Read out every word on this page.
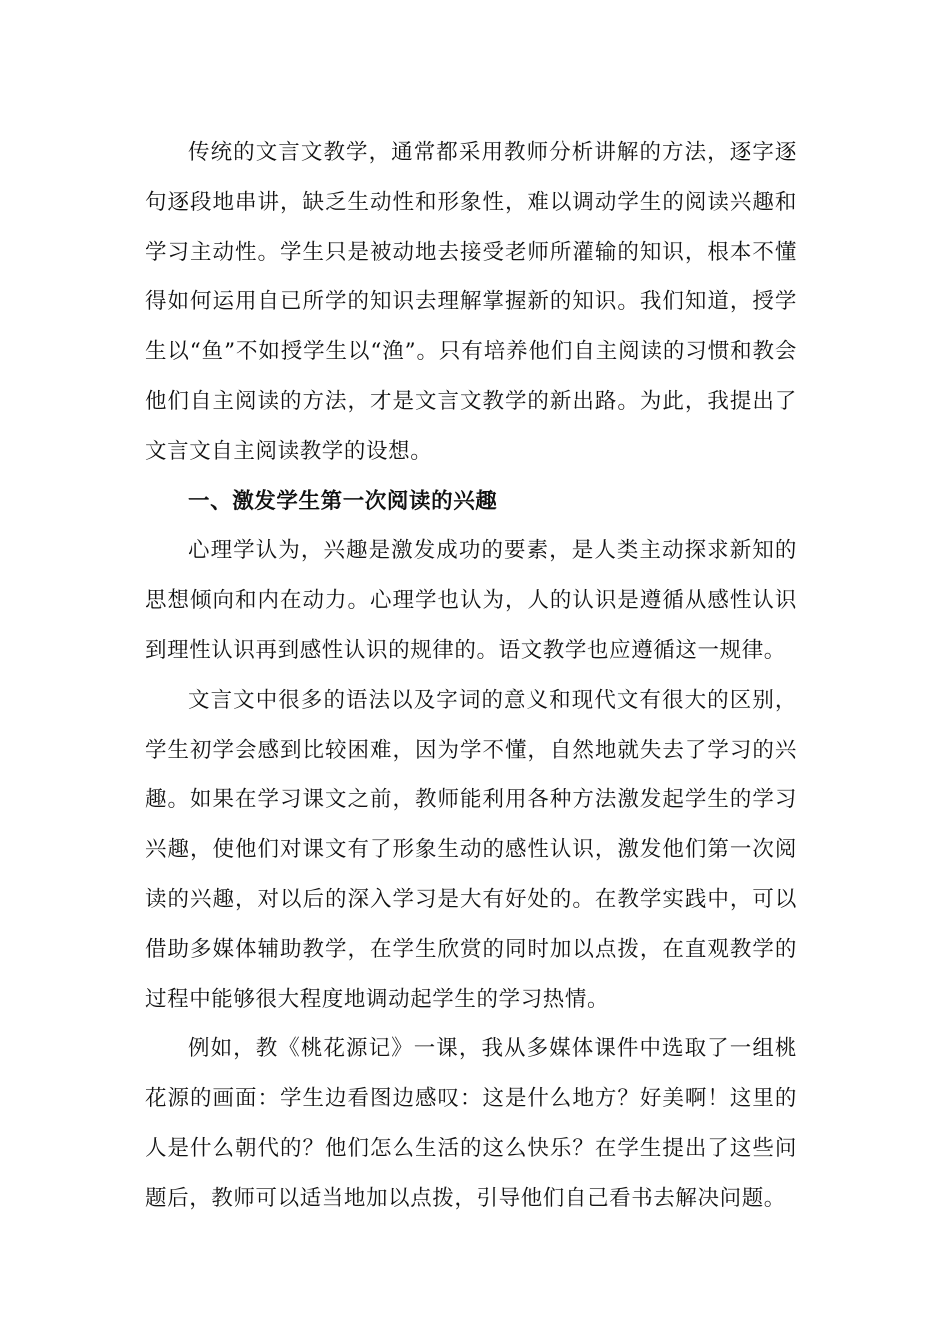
传统的文言文教学，通常都采用教师分析讲解的方法，逐字逐句逐段地串讲，缺乏生动性和形象性，难以调动学生的阅读兴趣和学习主动性。学生只是被动地去接受老师所灌输的知识，根本不懂得如何运用自已所学的知识去理解掌握新的知识。我们知道，授学生以“鱼”不如授学生以“渔”。只有培养他们自主阅读的习惯和教会他们自主阅读的方法，才是文言文教学的新出路。为此，我提出了文言文自主阅读教学的设想。

一、激发学生第一次阅读的兴趣

心理学认为，兴趣是激发成功的要素，是人类主动探求新知的思想倾向和内在动力。心理学也认为，人的认识是遵循从感性认识到理性认识再到感性认识的规律的。语文教学也应遵循这一规律。

文言文中很多的语法以及字词的意义和现代文有很大的区别，学生初学会感到比较困难，因为学不懂，自然地就失去了学习的兴趣。如果在学习课文之前，教师能利用各种方法激发起学生的学习兴趣，使他们对课文有了形象生动的感性认识，激发他们第一次阅读的兴趣，对以后的深入学习是大有好处的。在教学实践中，可以借助多媒体辅助教学，在学生欣赏的同时加以点拨，在直观教学的过程中能够很大程度地调动起学生的学习热情。

例如，教《桃花源记》一课，我从多媒体课件中选取了一组桃花源的画面：学生边看图边感叹：这是什么地方？好美啊！这里的人是什么朝代的？他们怎么生活的这么快乐？在学生提出了这些问题后，教师可以适当地加以点拨，引导他们自己看书去解决问题。
